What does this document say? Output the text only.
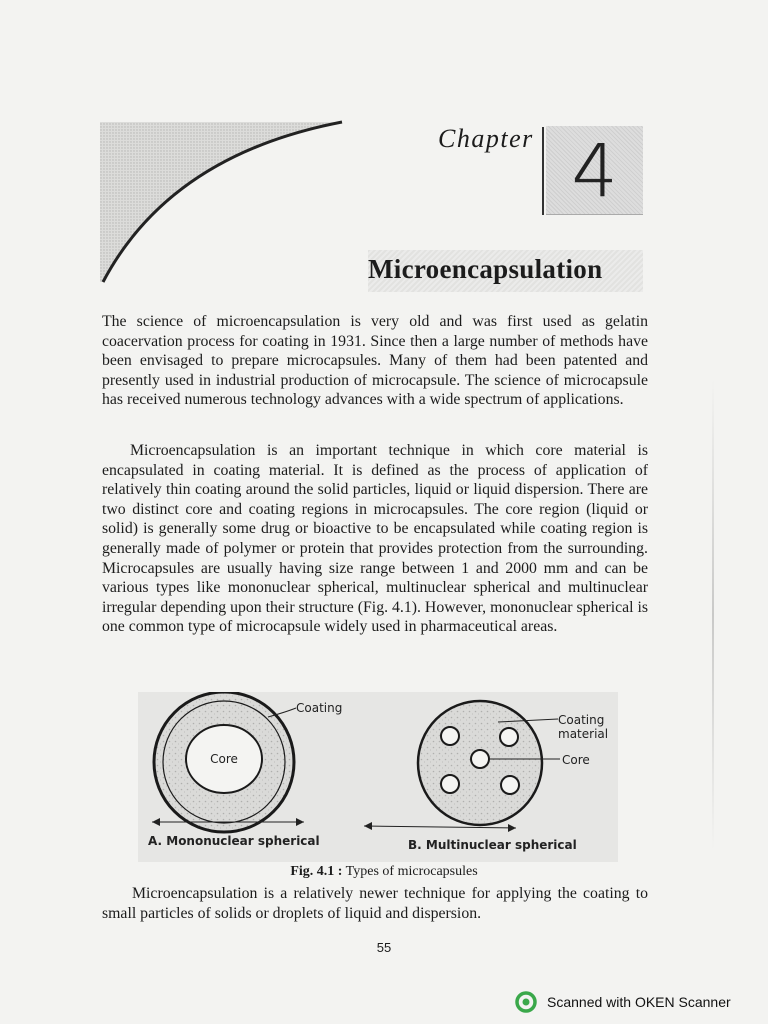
Chapter 4
Microencapsulation

The science of microencapsulation is very old and was first used as gelatin coacervation process for coating in 1931. Since then a large number of methods have been envisaged to prepare microcapsules. Many of them had been patented and presently used in industrial production of microcapsule. The science of microcapsule has received numerous technology advances with a wide spectrum of applications.

Microencapsulation is an important technique in which core material is encapsulated in coating material. It is defined as the process of application of relatively thin coating around the solid particles, liquid or liquid dispersion. There are two distinct core and coating regions in microcapsules. The core region (liquid or solid) is generally some drug or bioactive to be encapsulated while coating region is generally made of polymer or protein that provides protection from the surrounding. Microcapsules are usually having size range between 1 and 2000 mm and can be various types like mononuclear spherical, multinuclear spherical and multinuclear irregular depending upon their structure (Fig. 4.1). However, mononuclear spherical is one common type of microcapsule widely used in pharmaceutical areas.

Core
Coating
A. Mononuclear spherical
Coating
material
Core
B. Multinuclear spherical
Fig. 4.1 : Types of microcapsules

Microencapsulation is a relatively newer technique for applying the coating to small particles of solids or droplets of liquid and dispersion.

55
Scanned with OKEN Scanner
